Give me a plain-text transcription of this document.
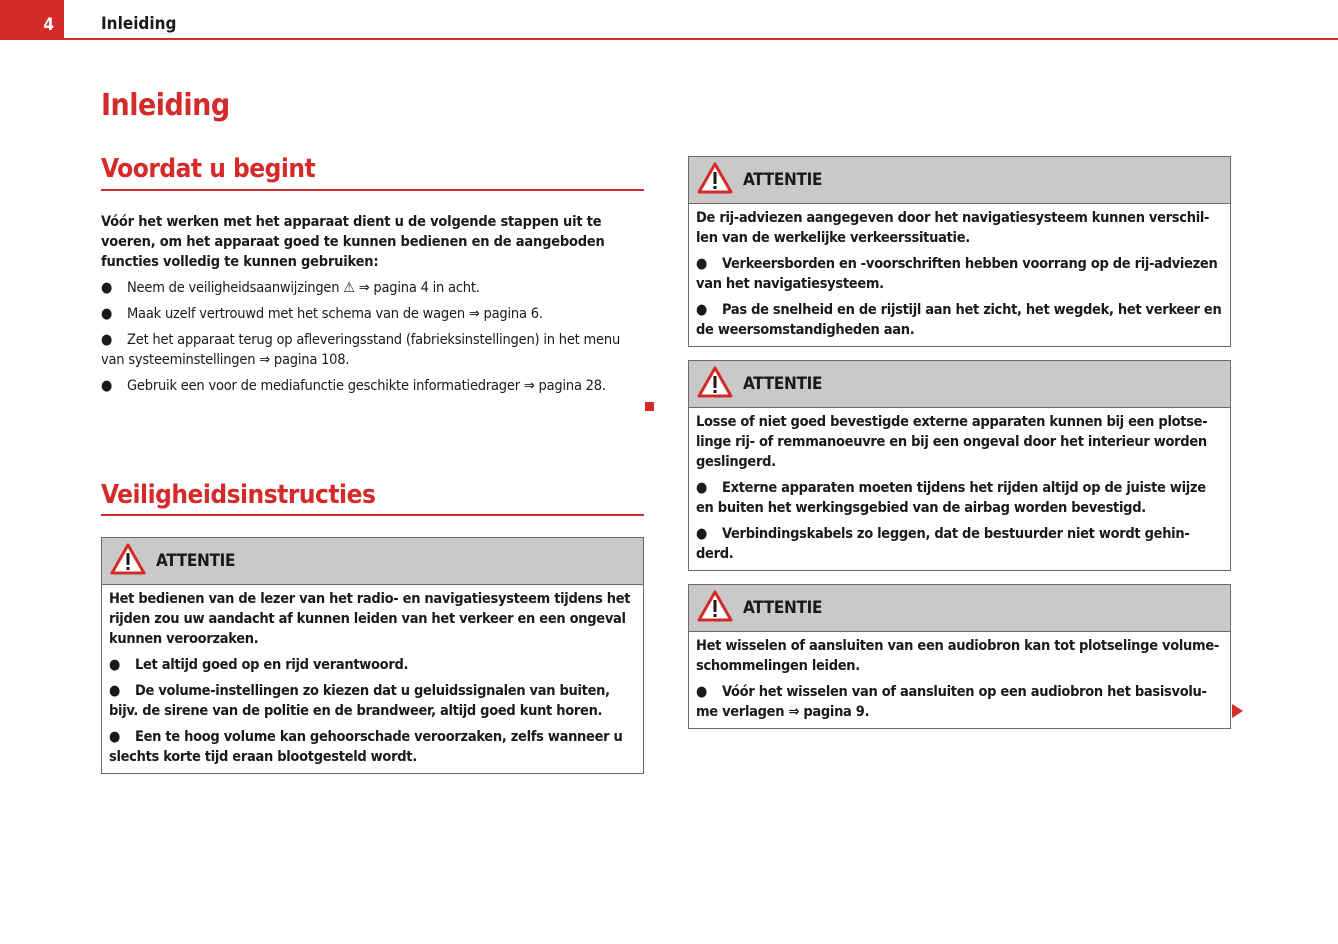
4	Inleiding
Inleiding
Voordat u begint

Vóór het werken met het apparaat dient u de volgende stappen uit te voeren, om het apparaat goed te kunnen bedienen en de aangeboden functies volledig te kunnen gebruiken:

● Neem de veiligheidsaanwijzingen ⚠ ⇒ pagina 4 in acht.
● Maak uzelf vertrouwd met het schema van de wagen ⇒ pagina 6.
● Zet het apparaat terug op afleveringsstand (fabrieksinstellingen) in het menu van systeeminstellingen ⇒ pagina 108.
● Gebruik een voor de mediafunctie geschikte informatiedrager ⇒ pagina 28.
Veiligheidsinstructies
ATTENTIE

Het bedienen van de lezer van het radio- en navigatiesysteem tijdens het rijden zou uw aandacht af kunnen leiden van het verkeer en een ongeval kunnen veroorzaken.

● Let altijd goed op en rijd verantwoord.

● De volume-instellingen zo kiezen dat u geluidssignalen van buiten, bijv. de sirene van de politie en de brandweer, altijd goed kunt horen.

● Een te hoog volume kan gehoorschade veroorzaken, zelfs wanneer u slechts korte tijd eraan blootgesteld wordt.

ATTENTIE

De rij-adviezen aangegeven door het navigatiesysteem kunnen verschil-len van de werkelijke verkeerssituatie.

● Verkeersborden en -voorschriften hebben voorrang op de rij-adviezen van het navigatiesysteem.

● Pas de snelheid en de rijstijl aan het zicht, het wegdek, het verkeer en de weersomstandigheden aan.

ATTENTIE

Losse of niet goed bevestigde externe apparaten kunnen bij een plotse-linge rij- of remmanoeuvre en bij een ongeval door het interieur worden geslingerd.

● Externe apparaten moeten tijdens het rijden altijd op de juiste wijze en buiten het werkingsgebied van de airbag worden bevestigd.

● Verbindingskabels zo leggen, dat de bestuurder niet wordt gehin-derd.

ATTENTIE

Het wisselen of aansluiten van een audiobron kan tot plotselinge volume-schommelingen leiden.

● Vóór het wisselen van of aansluiten op een audiobron het basisvolu-me verlagen ⇒ pagina 9.
